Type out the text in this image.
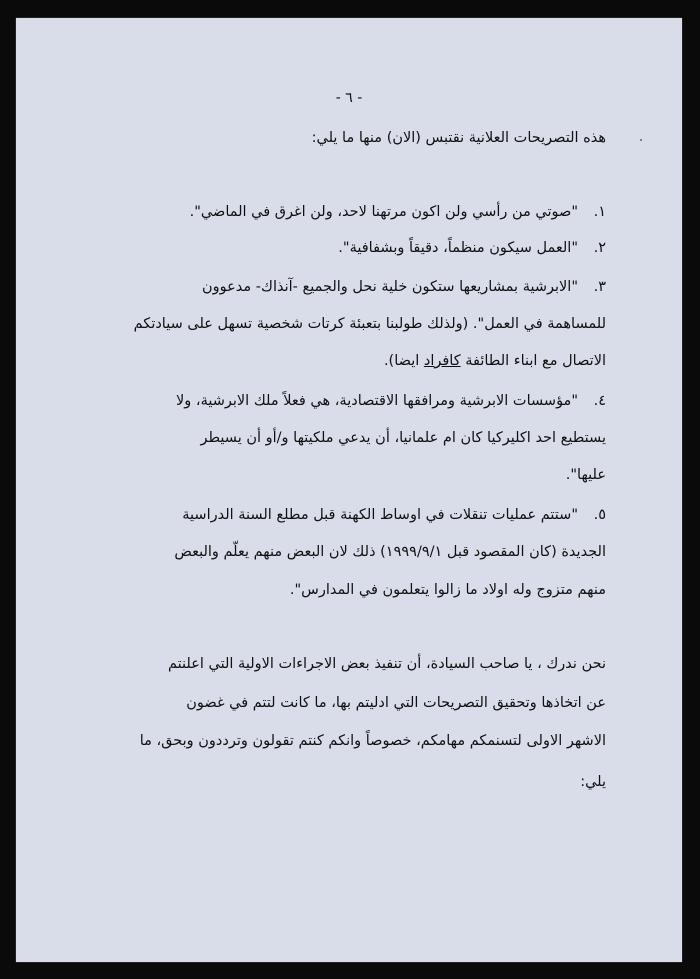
- ٦ -
هذه التصريحات العلانية نقتبس (الان) منها ما يلي:
١."صوتي من رأسي ولن اكون مرتهنا لاحد، ولن اغرق في الماضي".
٢."العمل سيكون منظماً، دقيقاً وبشفافية".
٣."الابرشية بمشاريعها ستكون خلية نحل والجميع -آنذاك- مدعوون
للمساهمة في العمل". (ولذلك طولبنا بتعبئة كرتات شخصية تسهل على سيادتكم
الاتصال مع ابناء الطائفة كافراد ايضا).
٤."مؤسسات الابرشية ومرافقها الاقتصادية، هي فعلاً ملك الابرشية، ولا
يستطيع احد اكليركيا كان ام علمانيا، أن يدعي ملكيتها و/أو أن يسيطر
عليها".
٥."ستتم عمليات تنقلات في اوساط الكهنة قبل مطلع السنة الدراسية
الجديدة (كان المقصود قبل ١٩٩٩/٩/١) ذلك لان البعض منهم يعلّم والبعض
منهم متزوج وله اولاد ما زالوا يتعلمون في المدارس".
نحن ندرك ، يا صاحب السيادة، أن تنفيذ بعض الاجراءات الاولية التي اعلنتم
عن اتخاذها وتحقيق التصريحات التي ادليتم بها، ما كانت لتتم في غضون
الاشهر الاولى لتسنمكم مهامكم، خصوصاً وانكم كنتم تقولون وترددون وبحق، ما
يلي:
